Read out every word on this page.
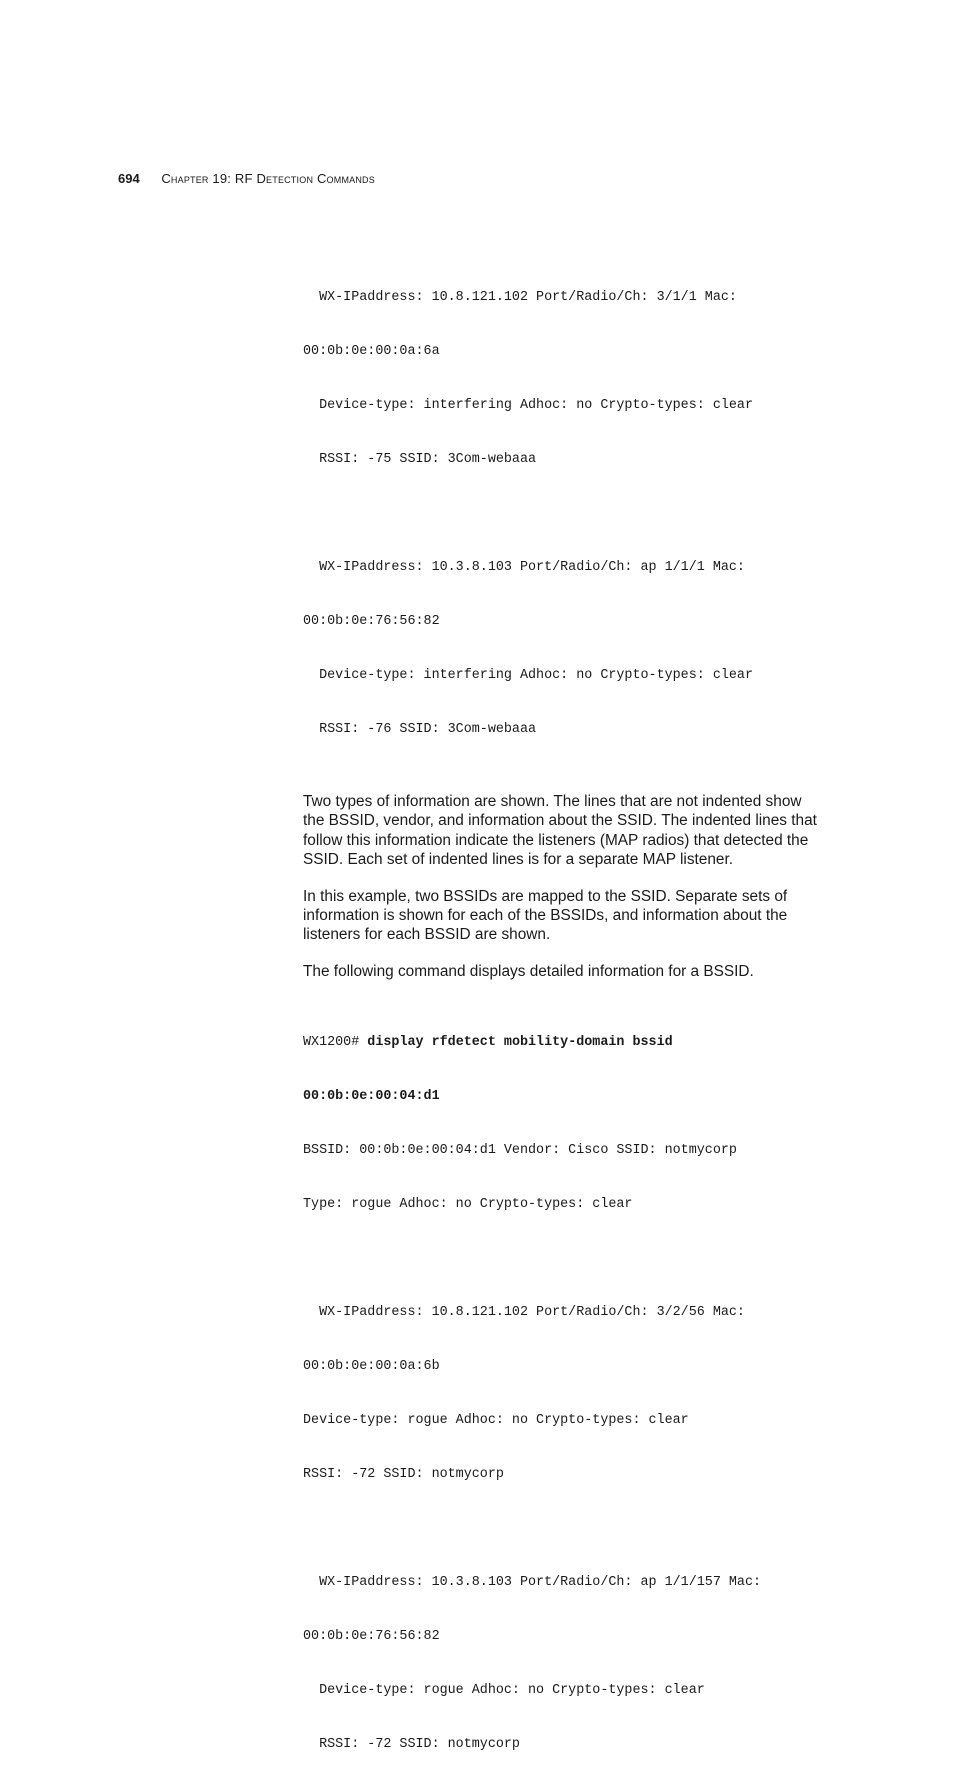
694 Chapter 19: RF Detection Commands

WX-IPaddress: 10.8.121.102 Port/Radio/Ch: 3/1/1 Mac:

00:0b:0e:00:0a:6a

Device-type: interfering Adhoc: no Crypto-types: clear

RSSI: -75 SSID: 3Com-webaaa

WX-IPaddress: 10.3.8.103 Port/Radio/Ch: ap 1/1/1 Mac:

00:0b:0e:76:56:82

Device-type: interfering Adhoc: no Crypto-types: clear

RSSI: -76 SSID: 3Com-webaaa

Two types of information are shown. The lines that are not indented show the BSSID, vendor, and information about the SSID. The indented lines that follow this information indicate the listeners (MAP radios) that detected the SSID. Each set of indented lines is for a separate MAP listener.

In this example, two BSSIDs are mapped to the SSID. Separate sets of information is shown for each of the BSSIDs, and information about the listeners for each BSSID are shown.

The following command displays detailed information for a BSSID.

WX1200# display rfdetect mobility-domain bssid

00:0b:0e:00:04:d1

BSSID: 00:0b:0e:00:04:d1 Vendor: Cisco SSID: notmycorp

Type: rogue Adhoc: no Crypto-types: clear

WX-IPaddress: 10.8.121.102 Port/Radio/Ch: 3/2/56 Mac:

00:0b:0e:00:0a:6b

Device-type: rogue Adhoc: no Crypto-types: clear

RSSI: -72 SSID: notmycorp

WX-IPaddress: 10.3.8.103 Port/Radio/Ch: ap 1/1/157 Mac:

00:0b:0e:76:56:82

Device-type: rogue Adhoc: no Crypto-types: clear

RSSI: -72 SSID: notmycorp
